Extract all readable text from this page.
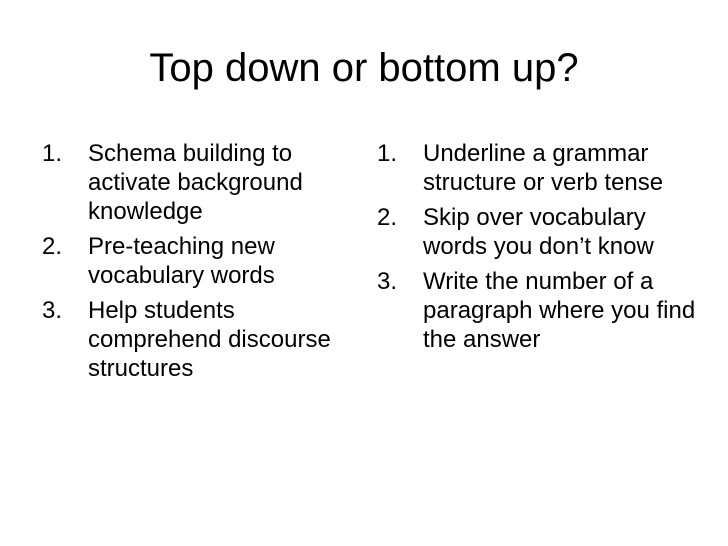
Top down or bottom up?
1. Schema building to activate background knowledge
2. Pre-teaching new vocabulary words
3. Help students comprehend discourse structures
1. Underline a grammar structure or verb tense
2. Skip over vocabulary words you don’t know
3. Write the number of a paragraph where you find the answer
